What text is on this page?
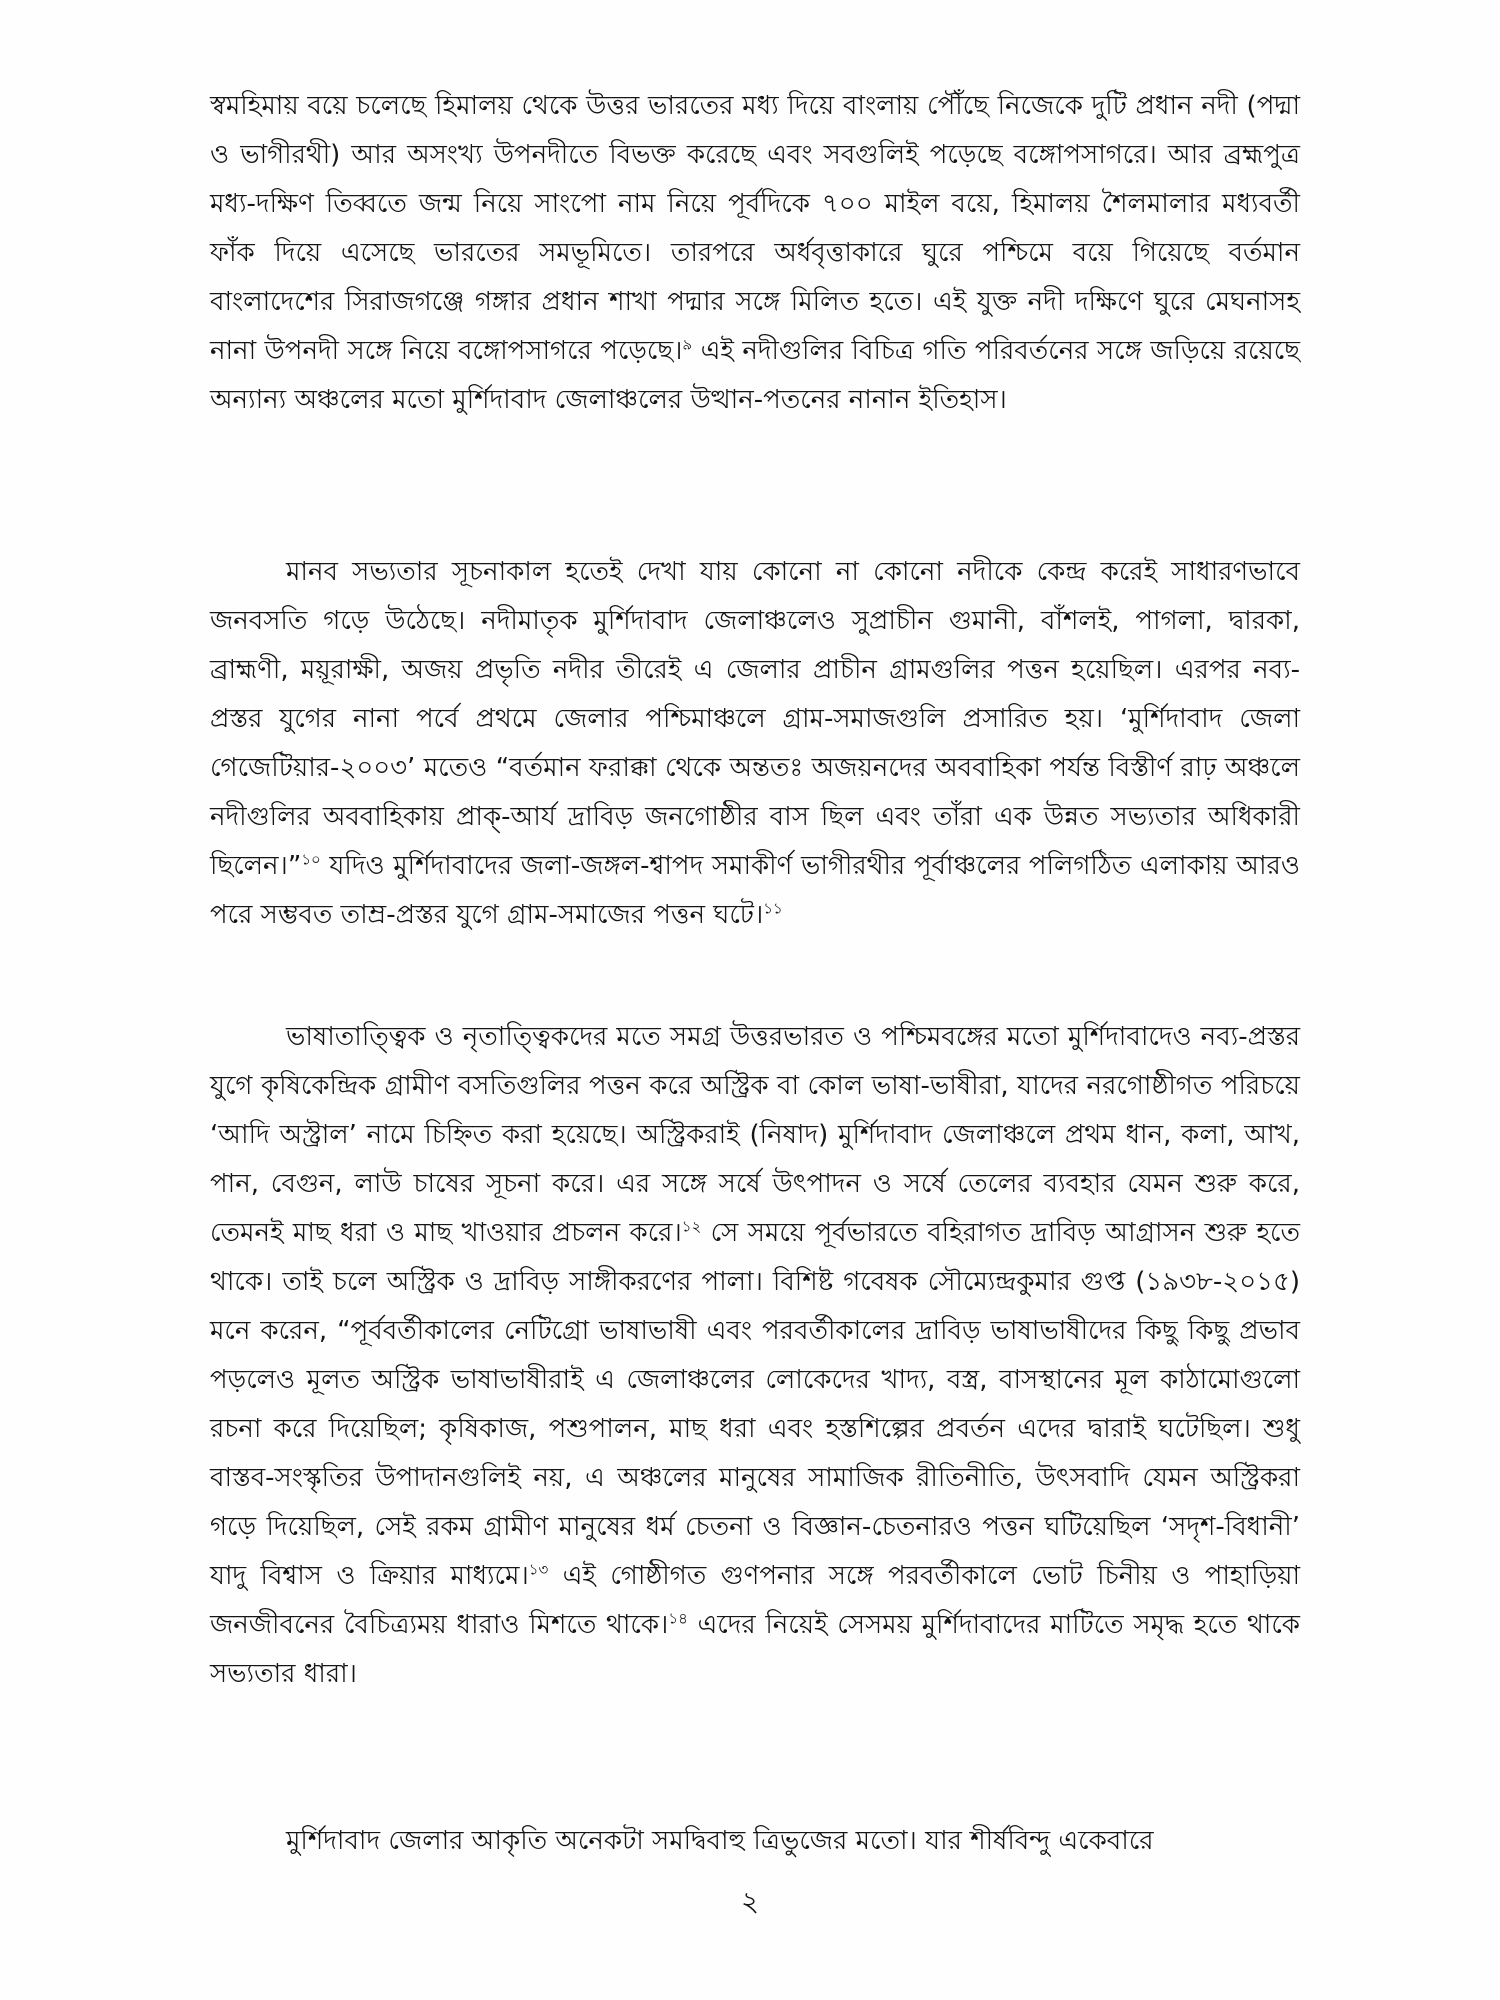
স্বমহিমায় বয়ে চলেছে হিমালয় থেকে উত্তর ভারতের মধ্য দিয়ে বাংলায় পৌঁছে নিজেকে দুটি প্রধান নদী (পদ্মা ও ভাগীরথী) আর অসংখ্য উপনদীতে বিভক্ত করেছে এবং সবগুলিই পড়েছে বঙ্গোপসাগরে। আর ব্রহ্মপুত্র মধ্য-দক্ষিণ তিব্বতে জন্ম নিয়ে সাংপো নাম নিয়ে পূর্বদিকে ৭০০ মাইল বয়ে, হিমালয় শৈলমালার মধ্যবর্তী ফাঁক দিয়ে এসেছে ভারতের সমভূমিতে। তারপরে অর্ধবৃত্তাকারে ঘুরে পশ্চিমে বয়ে গিয়েছে বর্তমান বাংলাদেশের সিরাজগঞ্জে গঙ্গার প্রধান শাখা পদ্মার সঙ্গে মিলিত হতে। এই যুক্ত নদী দক্ষিণে ঘুরে মেঘনাসহ নানা উপনদী সঙ্গে নিয়ে বঙ্গোপসাগরে পড়েছে।$^৯$ এই নদীগুলির বিচিত্র গতি পরিবর্তনের সঙ্গে জড়িয়ে রয়েছে অন্যান্য অঞ্চলের মতো মুর্শিদাবাদ জেলাঞ্চলের উত্থান-পতনের নানান ইতিহাস।

মানব সভ্যতার সূচনাকাল হতেই দেখা যায় কোনো না কোনো নদীকে কেন্দ্র করেই সাধারণভাবে জনবসতি গড়ে উঠেছে। নদীমাতৃক মুর্শিদাবাদ জেলাঞ্চলেও সুপ্রাচীন গুমানী, বাঁশলই, পাগলা, দ্বারকা, ব্রাহ্মণী, ময়ূরাক্ষী, অজয় প্রভৃতি নদীর তীরেই এ জেলার প্রাচীন গ্রামগুলির পত্তন হয়েছিল। এরপর নব্য-প্রস্তর যুগের নানা পর্বে প্রথমে জেলার পশ্চিমাঞ্চলে গ্রাম-সমাজগুলি প্রসারিত হয়। ‘মুর্শিদাবাদ জেলা গেজেটিয়ার-২০০৩’ মতেও “বর্তমান ফরাক্কা থেকে অন্ততঃ অজয়নদের অববাহিকা পর্যন্ত বিস্তীর্ণ রাঢ় অঞ্চলে নদীগুলির অববাহিকায় প্রাক্-আর্য দ্রাবিড় জনগোষ্ঠীর বাস ছিল এবং তাঁরা এক উন্নত সভ্যতার অধিকারী ছিলেন।”$^{১০}$ যদিও মুর্শিদাবাদের জলা-জঙ্গল-শ্বাপদ সমাকীর্ণ ভাগীরথীর পূর্বাঞ্চলের পলিগঠিত এলাকায় আরও পরে সম্ভবত তাম্র-প্রস্তর যুগে গ্রাম-সমাজের পত্তন ঘটে।$^{১১}$

ভাষাতাত্ত্বিক ও নৃতাত্ত্বিকদের মতে সমগ্র উত্তরভারত ও পশ্চিমবঙ্গের মতো মুর্শিদাবাদেও নব্য-প্রস্তর যুগে কৃষিকেন্দ্রিক গ্রামীণ বসতিগুলির পত্তন করে অস্ট্রিক বা কোল ভাষা-ভাষীরা, যাদের নরগোষ্ঠীগত পরিচয়ে ‘আদি অস্ট্রাল’ নামে চিহ্নিত করা হয়েছে। অস্ট্রিকরাই (নিষাদ) মুর্শিদাবাদ জেলাঞ্চলে প্রথম ধান, কলা, আখ, পান, বেগুন, লাউ চাষের সূচনা করে। এর সঙ্গে সর্ষে উৎপাদন ও সর্ষে তেলের ব্যবহার যেমন শুরু করে, তেমনই মাছ ধরা ও মাছ খাওয়ার প্রচলন করে।$^{১২}$ সে সময়ে পূর্বভারতে বহিরাগত দ্রাবিড় আগ্রাসন শুরু হতে থাকে। তাই চলে অস্ট্রিক ও দ্রাবিড় সাঙ্গীকরণের পালা। বিশিষ্ট গবেষক সৌম্যেন্দ্রকুমার গুপ্ত (১৯৩৮-২০১৫) মনে করেন, “পূর্ববর্তীকালের নেটিগ্রো ভাষাভাষী এবং পরবর্তীকালের দ্রাবিড় ভাষাভাষীদের কিছু কিছু প্রভাব পড়লেও মূলত অস্ট্রিক ভাষাভাষীরাই এ জেলাঞ্চলের লোকেদের খাদ্য, বস্ত্র, বাসস্থানের মূল কাঠামোগুলো রচনা করে দিয়েছিল; কৃষিকাজ, পশুপালন, মাছ ধরা এবং হস্তশিল্পের প্রবর্তন এদের দ্বারাই ঘটেছিল। শুধু বাস্তব-সংস্কৃতির উপাদানগুলিই নয়, এ অঞ্চলের মানুষের সামাজিক রীতিনীতি, উৎসবাদি যেমন অস্ট্রিকরা গড়ে দিয়েছিল, সেই রকম গ্রামীণ মানুষের ধর্ম চেতনা ও বিজ্ঞান-চেতনারও পত্তন ঘটিয়েছিল ‘সদৃশ-বিধানী’ যাদু বিশ্বাস ও ক্রিয়ার মাধ্যমে।$^{১৩}$ এই গোষ্ঠীগত গুণপনার সঙ্গে পরবর্তীকালে ভোট চিনীয় ও পাহাড়িয়া জনজীবনের বৈচিত্র্যময় ধারাও মিশতে থাকে।$^{১৪}$ এদের নিয়েই সেসময় মুর্শিদাবাদের মাটিতে সমৃদ্ধ হতে থাকে সভ্যতার ধারা।

মুর্শিদাবাদ জেলার আকৃতি অনেকটা সমদ্বিবাহু ত্রিভুজের মতো। যার শীর্ষবিন্দু একেবারে

২
